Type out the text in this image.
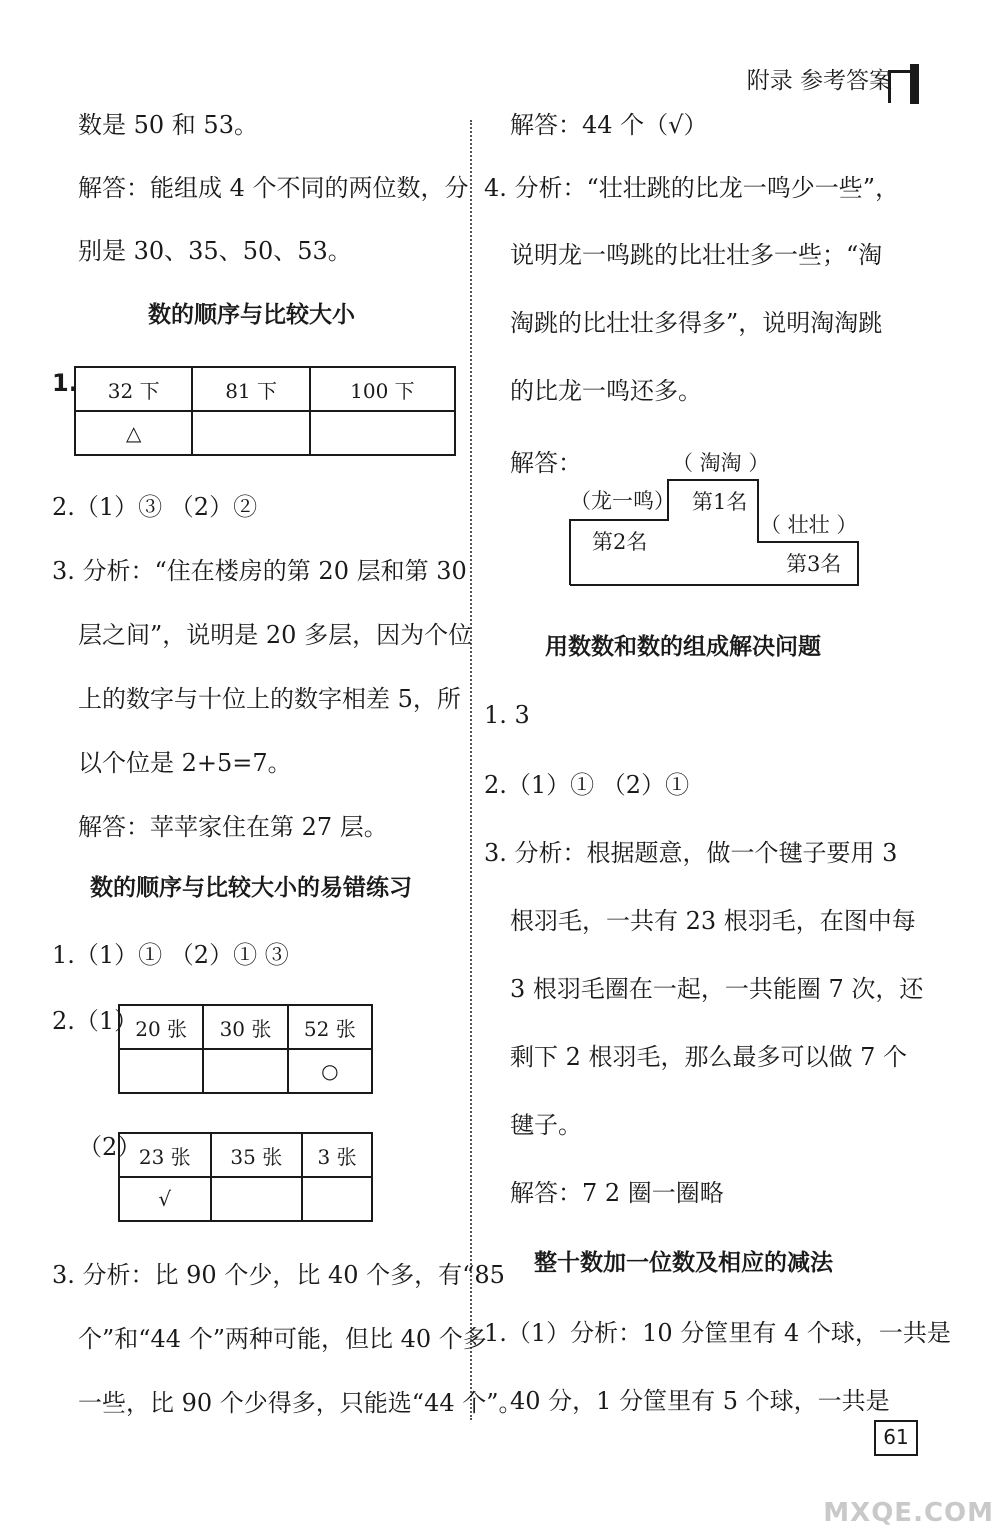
附录 参考答案
数是 50 和 53。
解答：能组成 4 个不同的两位数，分
别是 30、35、50、53。
数的顺序与比较大小
1. 32 下	81 下	100 下
△		
2.（1）③ （2）②
3. 分析：“住在楼房的第 20 层和第 30
层之间”，说明是 20 多层，因为个位
上的数字与十位上的数字相差 5，所
以个位是 2+5=7。
解答：苹苹家住在第 27 层。
数的顺序与比较大小的易错练习
1.（1）① （2）① ③
2.（1）
20 张	30 张	52 张
		○
（2）
23 张	35 张	3 张
√		
3. 分析：比 90 个少，比 40 个多，有“85
个”和“44 个”两种可能，但比 40 个多
一些，比 90 个少得多，只能选“44 个”。
解答：44 个（√）
4. 分析：“壮壮跳的比龙一鸣少一些”，
说明龙一鸣跳的比壮壮多一些；“淘
淘跳的比壮壮多得多”，说明淘淘跳
的比龙一鸣还多。
解答：	（ 淘淘 ）
（龙一鸣）
（ 壮壮 ）
第1名
第2名
第3名
用数数和数的组成解决问题
1. 3
2.（1）① （2）①
3. 分析：根据题意，做一个毽子要用 3
根羽毛，一共有 23 根羽毛，在图中每
3 根羽毛圈在一起，一共能圈 7 次，还
剩下 2 根羽毛，那么最多可以做 7 个
毽子。
解答：7 2 圈一圈略
整十数加一位数及相应的减法
1.（1）分析：10 分筐里有 4 个球，一共是
40 分，1 分筐里有 5 个球，一共是
61
MXQE.COM
